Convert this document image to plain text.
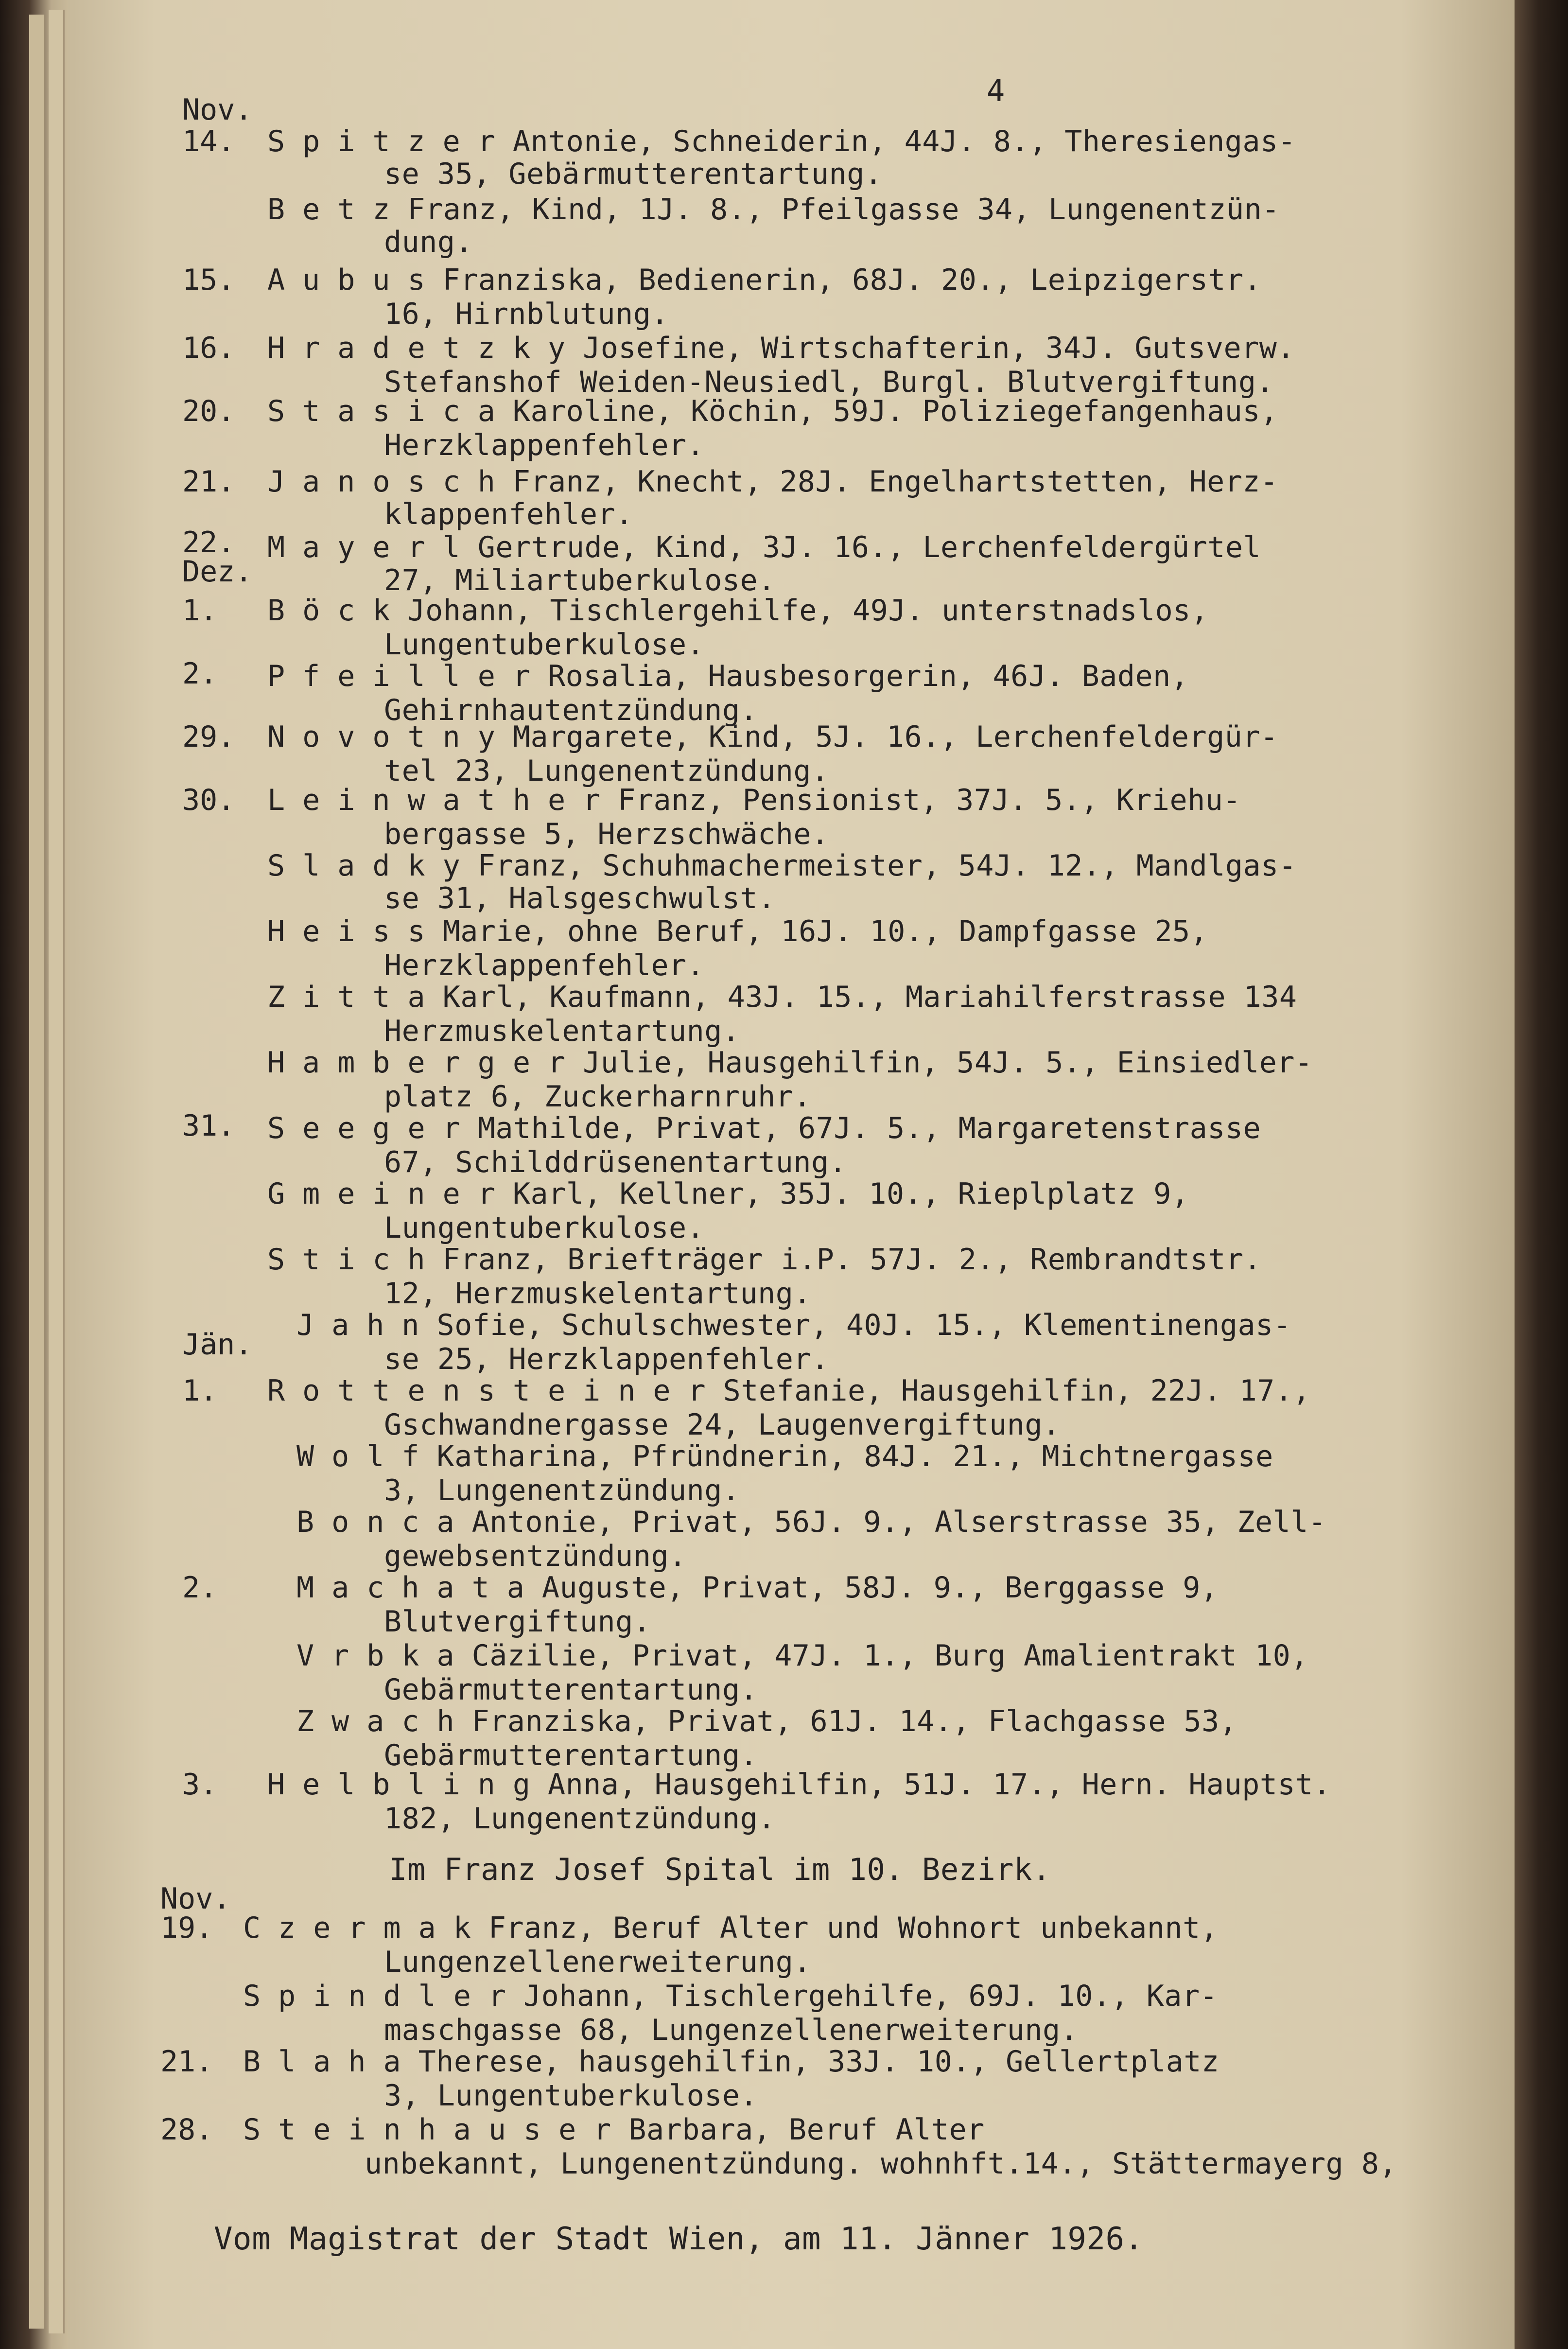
4
Nov.
Dez.
Jän.
Nov.
14. SpitzerAntonie, Schneiderin, 44J. 8., Theresiengas-
se 35, Gebärmutterentartung.
BetzFranz, Kind, 1J. 8., Pfeilgasse 34, Lungenentzün-
dung.
15. AubusFranziska, Bedienerin, 68J. 20., Leipzigerstr.
16, Hirnblutung.
16. HradetzkyJosefine, Wirtschafterin, 34J. Gutsverw.
Stefanshof Weiden-Neusiedl, Burgl. Blutvergiftung.
20. StasicaKaroline, Köchin, 59J. Poliziegefangenhaus,
Herzklappenfehler.
21. JanoschFranz, Knecht, 28J. Engelhartstetten, Herz-
klappenfehler.
22. MayerlGertrude, Kind, 3J. 16., Lerchenfeldergürtel
27, Miliartuberkulose.
1. BöckJohann, Tischlergehilfe, 49J. unterstnadslos,
Lungentuberkulose.
2. PfeillerRosalia, Hausbesorgerin, 46J. Baden,
Gehirnhautentzündung.
29. NovotnyMargarete, Kind, 5J. 16., Lerchenfeldergür-
tel 23, Lungenentzündung.
30. LeinwatherFranz, Pensionist, 37J. 5., Kriehu-
bergasse 5, Herzschwäche.
SladkyFranz, Schuhmachermeister, 54J. 12., Mandlgas-
se 31, Halsgeschwulst.
HeissMarie, ohne Beruf, 16J. 10., Dampfgasse 25,
Herzklappenfehler.
ZittaKarl, Kaufmann, 43J. 15., Mariahilferstrasse 134
Herzmuskelentartung.
HambergerJulie, Hausgehilfin, 54J. 5., Einsiedler-
platz 6, Zuckerharnruhr.
31. SeegerMathilde, Privat, 67J. 5., Margaretenstrasse
67, Schilddrüsenentartung.
GmeinerKarl, Kellner, 35J. 10., Rieplplatz 9,
Lungentuberkulose.
StichFranz, Briefträger i.P. 57J. 2., Rembrandtstr.
12, Herzmuskelentartung.
JahnSofie, Schulschwester, 40J. 15., Klementinengas-
se 25, Herzklappenfehler.
1. RottensteinerStefanie, Hausgehilfin, 22J. 17.,
Gschwandnergasse 24, Laugenvergiftung.
WolfKatharina, Pfründnerin, 84J. 21., Michtnergasse
3, Lungenentzündung.
BoncaAntonie, Privat, 56J. 9., Alserstrasse 35, Zell-
gewebsentzündung.
2.	MachataAuguste, Privat, 58J. 9., Berggasse 9,
Blutvergiftung.
VrbkaCäzilie, Privat, 47J. 1., Burg Amalientrakt 10,
Gebärmutterentartung.
ZwachFranziska, Privat, 61J. 14., Flachgasse 53,
Gebärmutterentartung.
3. HelblingAnna, Hausgehilfin, 51J. 17., Hern. Hauptst.
182, Lungenentzündung.
Im Franz Josef Spital im 10. Bezirk.
19. CzermakFranz, Beruf Alter und Wohnort unbekannt,
Lungenzellenerweiterung.
SpindlerJohann, Tischlergehilfe, 69J. 10., Kar-
maschgasse 68, Lungenzellenerweiterung.
21. BlahaTherese, hausgehilfin, 33J. 10., Gellertplatz
3, Lungentuberkulose.
28. SteinhauserBarbara, Beruf Alter
unbekannt, Lungenentzündung. wohnhft.14., Stättermayerg 8,
Vom Magistrat der Stadt Wien, am 11. Jänner 1926.
